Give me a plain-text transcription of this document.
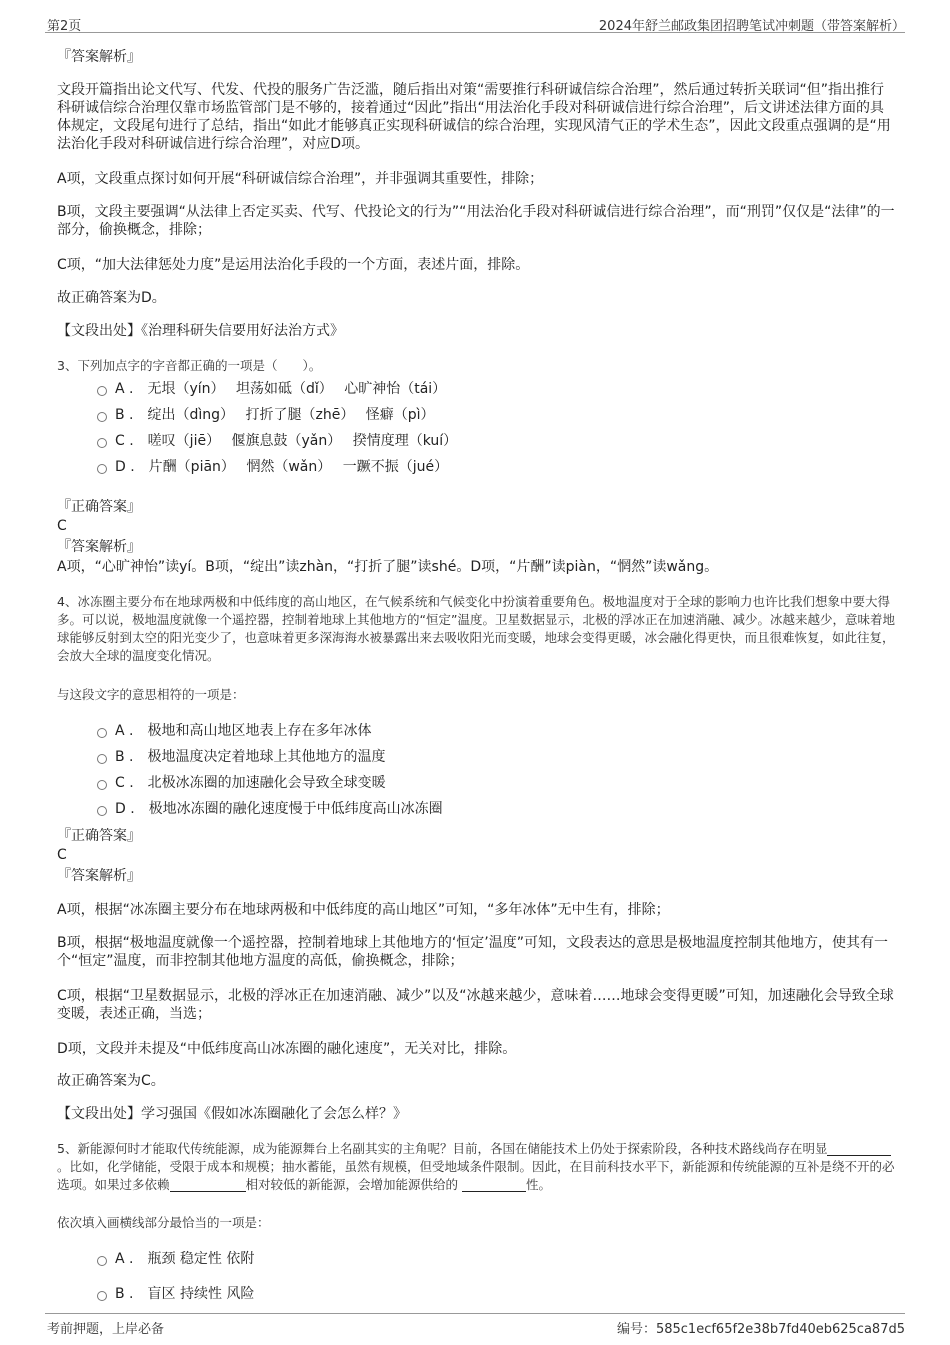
第2页	2024年舒兰邮政集团招聘笔试冲刺题（带答案解析）
『答案解析』
文段开篇指出论文代写、代发、代投的服务广告泛滥，随后指出对策“需要推行科研诚信综合治理”，然后通过转折关联词“但”指出推行科研诚信综合治理仅靠市场监管部门是不够的，接着通过“因此”指出“用法治化手段对科研诚信进行综合治理”，后文讲述法律方面的具体规定，文段尾句进行了总结，指出“如此才能够真正实现科研诚信的综合治理，实现风清气正的学术生态”，因此文段重点强调的是“用法治化手段对科研诚信进行综合治理”，对应D项。
A项，文段重点探讨如何开展“科研诚信综合治理”，并非强调其重要性，排除；
B项，文段主要强调“从法律上否定买卖、代写、代投论文的行为”“用法治化手段对科研诚信进行综合治理”，而“刑罚”仅仅是“法律”的一部分，偷换概念，排除；
C项，“加大法律惩处力度”是运用法治化手段的一个方面，表述片面，排除。
故正确答案为D。
【文段出处】《治理科研失信要用好法治方式》
3、下列加点字的字音都正确的一项是（　　）。
A .　无垠（yín）　 坦荡如砥（dǐ）　 心旷神怡（tái）
B .　绽出（dìng）　 打折了腿（zhē）　 怪癖（pì）
C .　嗟叹（jiē）　 偃旗息鼓（yǎn）　 揆情度理（kuí）
D .　片酬（piān）　 惘然（wǎn）　 一蹶不振（jué）
『正确答案』
C
『答案解析』
A项，“心旷神怡”读yí。B项，“绽出”读zhàn，“打折了腿”读shé。D项，“片酬”读piàn，“惘然”读wǎng。
4、冰冻圈主要分布在地球两极和中低纬度的高山地区，在气候系统和气候变化中扮演着重要角色。极地温度对于全球的影响力也许比我们想象中要大得多。可以说，极地温度就像一个遥控器，控制着地球上其他地方的“恒定”温度。卫星数据显示，北极的浮冰正在加速消融、减少。冰越来越少，意味着地球能够反射到太空的阳光变少了，也意味着更多深海海水被暴露出来去吸收阳光而变暖，地球会变得更暖，冰会融化得更快，而且很难恢复，如此往复，会放大全球的温度变化情况。
与这段文字的意思相符的一项是：
A .　极地和高山地区地表上存在多年冰体
B .　极地温度决定着地球上其他地方的温度
C .　北极冰冻圈的加速融化会导致全球变暖
D .　极地冰冻圈的融化速度慢于中低纬度高山冰冻圈
『正确答案』
C
『答案解析』
A项，根据“冰冻圈主要分布在地球两极和中低纬度的高山地区”可知，“多年冰体”无中生有，排除；
B项，根据“极地温度就像一个遥控器，控制着地球上其他地方的‘恒定’温度”可知，文段表达的意思是极地温度控制其他地方，使其有一个“恒定”温度，而非控制其他地方温度的高低，偷换概念，排除；
C项，根据“卫星数据显示，北极的浮冰正在加速消融、减少”以及“冰越来越少，意味着……地球会变得更暖”可知，加速融化会导致全球变暖，表述正确，当选；
D项，文段并未提及“中低纬度高山冰冻圈的融化速度”，无关对比，排除。
故正确答案为C。
【文段出处】学习强国《假如冰冻圈融化了会怎么样？》
5、新能源何时才能取代传统能源，成为能源舞台上名副其实的主角呢？目前，各国在储能技术上仍处于探索阶段，各种技术路线尚存在明显。比如，化学储能，受限于成本和规模；抽水蓄能，虽然有规模，但受地域条件限制。因此，在目前科技水平下，新能源和传统能源的互补是绕不开的必选项。如果过多依赖	相对较低的新能源，会增加能源供给的	性。
依次填入画横线部分最恰当的一项是：
A .　瓶颈 稳定性 依附
B .　盲区 持续性 风险
考前押题，上岸必备	编号：585c1ecf65f2e38b7fd40eb625ca87d5
